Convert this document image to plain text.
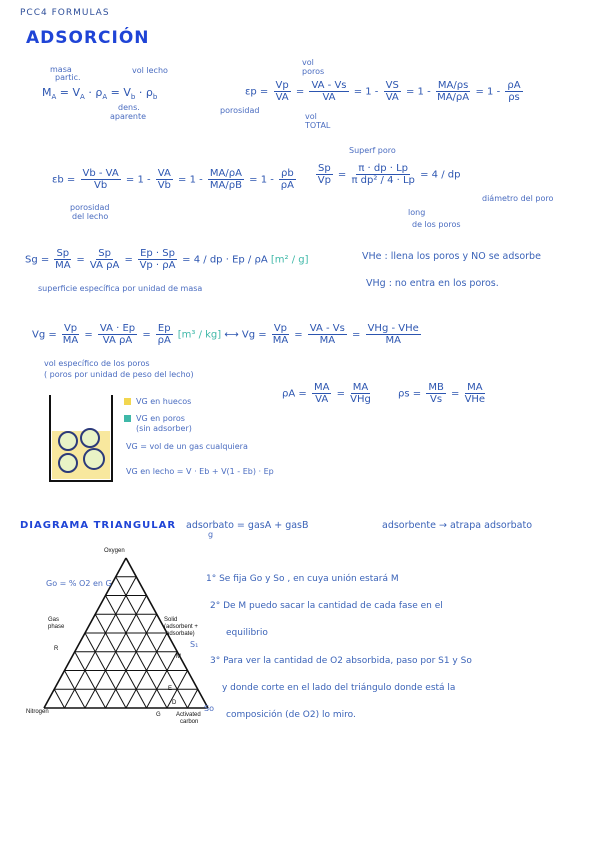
PCC4 FORMULAS
ADSORCIÓN
masa
partic.
vol lecho
$M_A = V_A \cdot \rho_A = V_b \cdot \rho_b$
dens.
aparente
vol
poros
porosidad
vol
TOTAL
$\varepsilon p = \frac{Vp}{VA} = \frac{VA - Vs}{VA} = 1 - \frac{VS}{VA} = 1 - \frac{MA/\rho s}{MA/\rho A} = 1 - \frac{\rho A}{\rho s}$
$\varepsilon b = \frac{Vb - VA}{Vb} = 1 - \frac{VA}{Vb} = 1 - \frac{MA/\rho A}{MA/\rho B} = 1 - \frac{\rho b}{\rho A}$
porosidad
del lecho
Superf poro
$\frac{Sp}{Vp} = \frac{\pi \cdot dp \cdot Lp}{\text{π dp² / 4 · Lp}} = 4$ / dp
diámetro del poro
long
de los poros
$Sg = \frac{Sp}{MA} = \frac{Sp}{\text{VA ρA}} = \frac{Ep \cdot Sp}{Vp \cdot \rho A} = 4$ / dp · Ep / ρA [m² / g]
superficie específica por unidad de masa
VHe : llena los poros y NO se adsorbe
VHg : no entra en los poros.
$Vg = \frac{Vp}{MA} = \frac{VA \cdot Ep}{\text{VA ρA}} = \frac{Ep}{\rho A} [m^3 / kg]$ ⟷ $Vg = \frac{Vp}{MA} = \frac{VA - Vs}{MA} = \frac{\text{VHg - VHe}}{MA}$
vol específico de los poros
( poros por unidad de peso del lecho)
$\rho A = \frac{MA}{VA} = \frac{MA}{\text{VHg}}$	$\rho s = \frac{MB}{Vs} = \frac{MA}{\text{VHe}}$
VG en huecos
VG en poros
(sin adsorber)
VG = vol de un gas cualquiera
VG en lecho = V · Eb + V(1 - Eb) · Ep
DIAGRAMA TRIANGULAR adsorbato = gasA + gasB
g
adsorbente → atrapa adsorbato
Oxygen
Nitrogen	Activated
carbon
Gas
phase
Solid
(adsorbent +
adsorbate)
Go = % O2 en G
So
S₁
R
M
E
G
D
1° Se fija Go y So , en cuya unión estará M
2° De M puedo sacar la cantidad de cada fase en el
equilibrio
3° Para ver la cantidad de O2 absorbida, paso por S1 y So
y donde corte en el lado del triángulo donde está la
composición (de O2) lo miro.
